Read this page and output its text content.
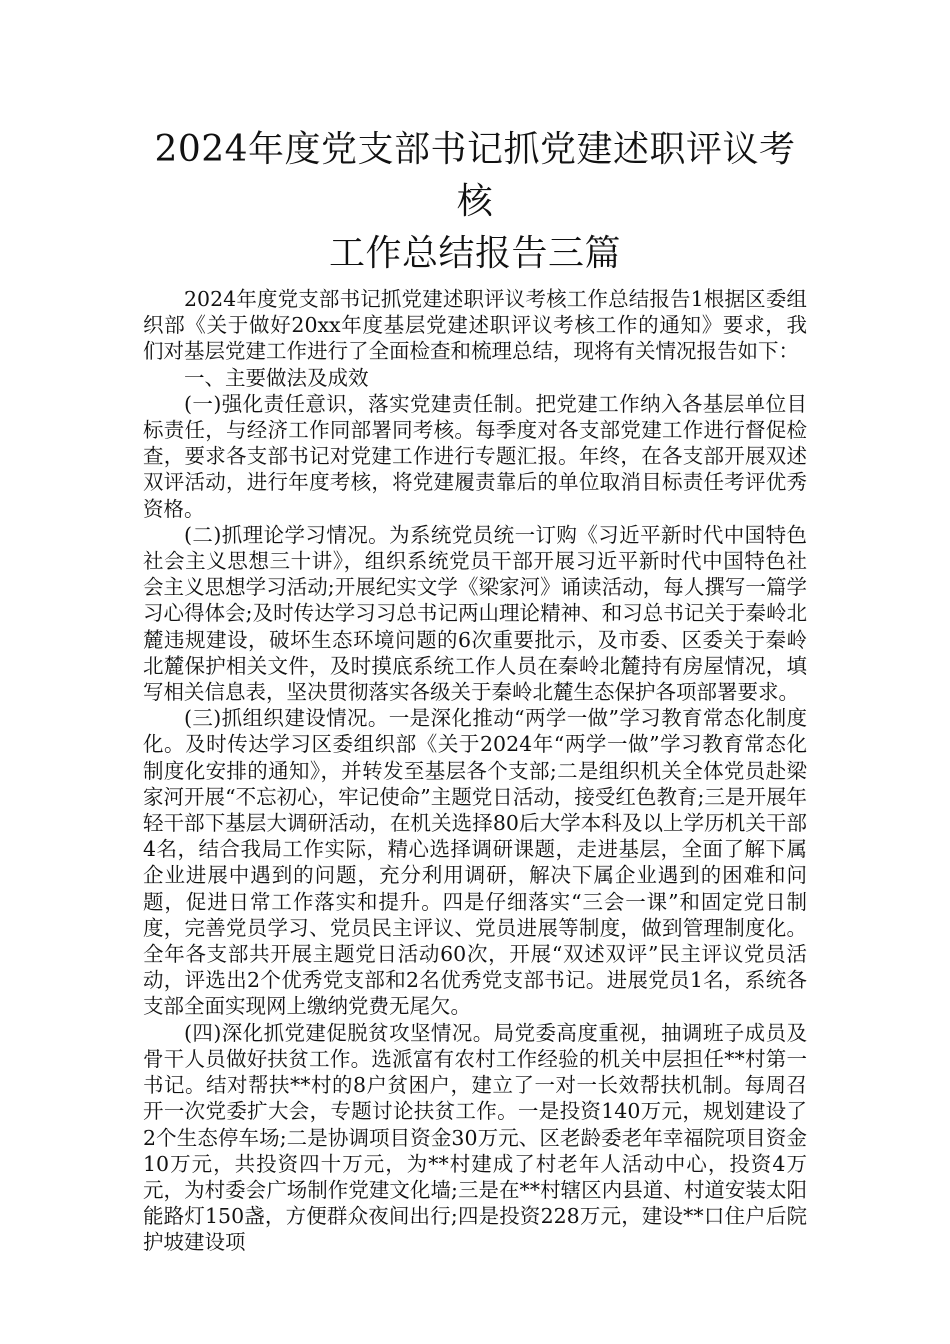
2024年度党支部书记抓党建述职评议考核
工作总结报告三篇

2024年度党支部书记抓党建述职评议考核工作总结报告1根据区委组织部《关于做好20xx年度基层党建述职评议考核工作的通知》要求，我们对基层党建工作进行了全面检查和梳理总结，现将有关情况报告如下：

一、主要做法及成效

(一)强化责任意识，落实党建责任制。把党建工作纳入各基层单位目标责任，与经济工作同部署同考核。每季度对各支部党建工作进行督促检查，要求各支部书记对党建工作进行专题汇报。年终，在各支部开展双述双评活动，进行年度考核，将党建履责靠后的单位取消目标责任考评优秀资格。

(二)抓理论学习情况。为系统党员统一订购《习近平新时代中国特色社会主义思想三十讲》，组织系统党员干部开展习近平新时代中国特色社会主义思想学习活动;开展纪实文学《梁家河》诵读活动，每人撰写一篇学习心得体会;及时传达学习习总书记两山理论精神、和习总书记关于秦岭北麓违规建设，破坏生态环境问题的6次重要批示，及市委、区委关于秦岭北麓保护相关文件，及时摸底系统工作人员在秦岭北麓持有房屋情况，填写相关信息表，坚决贯彻落实各级关于秦岭北麓生态保护各项部署要求。

(三)抓组织建设情况。一是深化推动“两学一做”学习教育常态化制度化。及时传达学习区委组织部《关于2024年“两学一做”学习教育常态化制度化安排的通知》，并转发至基层各个支部;二是组织机关全体党员赴梁家河开展“不忘初心，牢记使命”主题党日活动，接受红色教育;三是开展年轻干部下基层大调研活动，在机关选择80后大学本科及以上学历机关干部4名，结合我局工作实际，精心选择调研课题，走进基层，全面了解下属企业进展中遇到的问题，充分利用调研，解决下属企业遇到的困难和问题，促进日常工作落实和提升。四是仔细落实“三会一课”和固定党日制度，完善党员学习、党员民主评议、党员进展等制度，做到管理制度化。全年各支部共开展主题党日活动60次，开展“双述双评”民主评议党员活动，评选出2个优秀党支部和2名优秀党支部书记。进展党员1名，系统各支部全面实现网上缴纳党费无尾欠。

(四)深化抓党建促脱贫攻坚情况。局党委高度重视，抽调班子成员及骨干人员做好扶贫工作。选派富有农村工作经验的机关中层担任**村第一书记。结对帮扶**村的8户贫困户，建立了一对一长效帮扶机制。每周召开一次党委扩大会，专题讨论扶贫工作。一是投资140万元，规划建设了2个生态停车场;二是协调项目资金30万元、区老龄委老年幸福院项目资金10万元，共投资四十万元，为**村建成了村老年人活动中心，投资4万元，为村委会广场制作党建文化墙;三是在**村辖区内县道、村道安装太阳能路灯150盏，方便群众夜间出行;四是投资228万元，建设**口住户后院护坡建设项
